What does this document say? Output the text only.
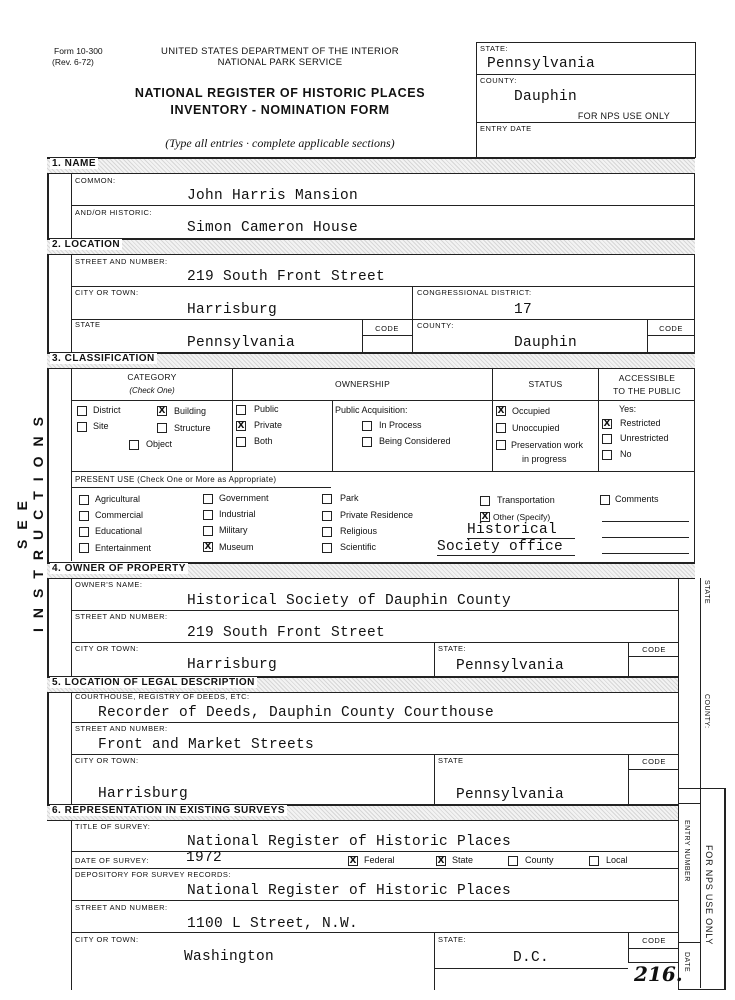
Form 10-300
(Rev. 6-72)
UNITED STATES DEPARTMENT OF THE INTERIOR
NATIONAL PARK SERVICE
NATIONAL REGISTER OF HISTORIC PLACES
INVENTORY - NOMINATION FORM
(Type all entries · complete applicable sections)
STATE:
Pennsylvania
COUNTY:
Dauphin
FOR NPS USE ONLY
ENTRY DATE
SEE INSTRUCTIONS
1. NAME
COMMON:
John Harris Mansion
AND/OR HISTORIC:
Simon Cameron House
2. LOCATION
STREET AND NUMBER:
219 South Front Street
CITY OR TOWN:
Harrisburg
CONGRESSIONAL DISTRICT:
17
STATE
Pennsylvania
CODE	COUNTY:
Dauphin
CODE
3. CLASSIFICATION
CATEGORY
(Check One)
OWNERSHIP	STATUS
ACCESSIBLE
TO THE PUBLIC
District	X Building
Site	Structure
Object
Public
X Private
Both
Public Acquisition:
In Process
Being Considered
X Occupied
Unoccupied
Preservation work
in progress
Yes:
X Restricted
Unrestricted
No
PRESENT USE (Check One or More as Appropriate)
Agricultural
Commercial
Educational
Entertainment
Government
Industrial
Military
X Museum
Park
Private Residence
Religious
Scientific
Transportation
X Other (Specify)
Historical
Society office
Comments
4. OWNER OF PROPERTY
OWNER'S NAME:
Historical Society of Dauphin County
STREET AND NUMBER:
219 South Front Street
CITY OR TOWN:
Harrisburg
STATE:
Pennsylvania
CODE
STATE
5. LOCATION OF LEGAL DESCRIPTION
COURTHOUSE, REGISTRY OF DEEDS, ETC:
Recorder of Deeds, Dauphin County Courthouse
STREET AND NUMBER:
Front and Market Streets
CITY OR TOWN:
Harrisburg
STATE
Pennsylvania
CODE
COUNTY:
6. REPRESENTATION IN EXISTING SURVEYS
TITLE OF SURVEY:
National Register of Historic Places
DATE OF SURVEY:	1972	X Federal	X State	County	Local
DEPOSITORY FOR SURVEY RECORDS:
National Register of Historic Places
STREET AND NUMBER:
1100 L Street, N.W.
CITY OR TOWN:
Washington
STATE:
D.C.
CODE
ENTRY NUMBER
DATE
FOR NPS USE ONLY
216.
